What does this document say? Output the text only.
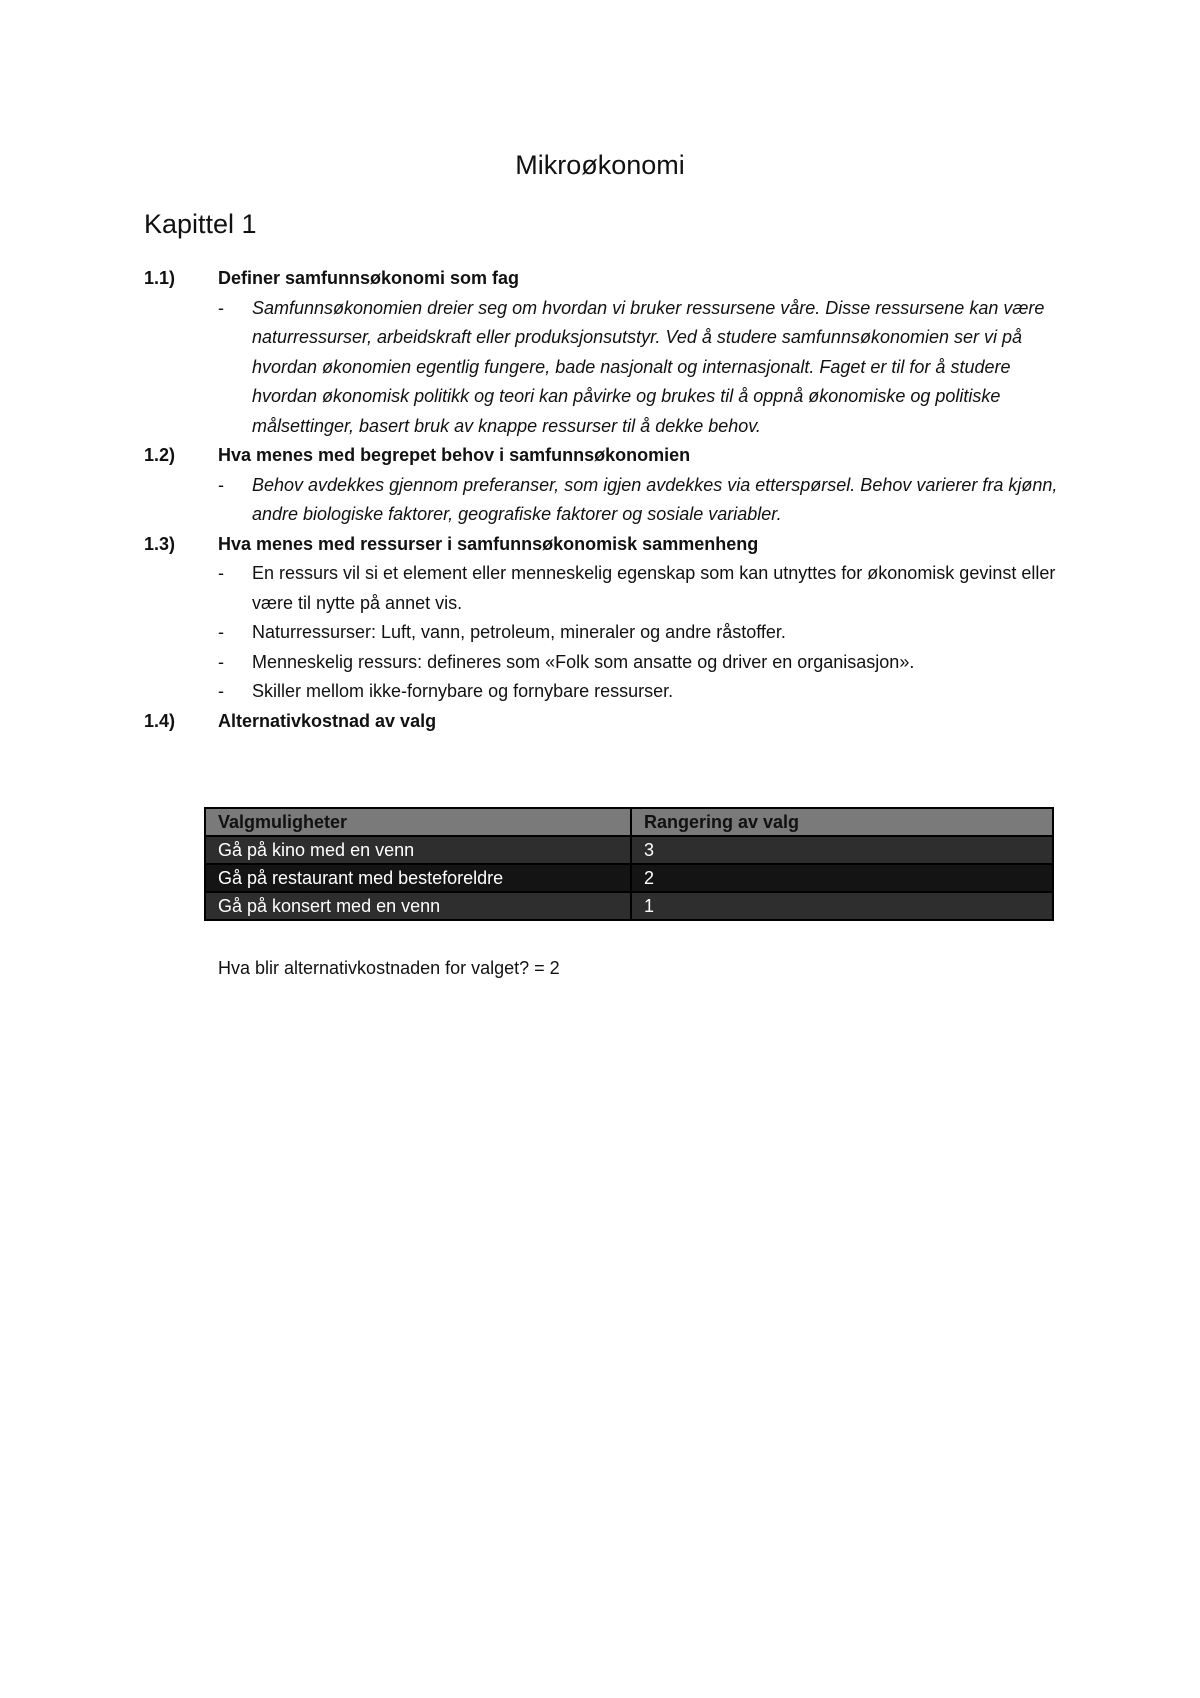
Mikroøkonomi
Kapittel 1
1.1)	Definer samfunnsøkonomi som fag
-	Samfunnsøkonomien dreier seg om hvordan vi bruker ressursene våre. Disse ressursene kan være naturressurser, arbeidskraft eller produksjonsutstyr. Ved å studere samfunnsøkonomien ser vi på hvordan økonomien egentlig fungere, bade nasjonalt og internasjonalt. Faget er til for å studere hvordan økonomisk politikk og teori kan påvirke og brukes til å oppnå økonomiske og politiske målsettinger, basert bruk av knappe ressurser til å dekke behov.
1.2)	Hva menes med begrepet behov i samfunnsøkonomien
-	Behov avdekkes gjennom preferanser, som igjen avdekkes via etterspørsel. Behov varierer fra kjønn, andre biologiske faktorer, geografiske faktorer og sosiale variabler.
1.3)	Hva menes med ressurser i samfunnsøkonomisk sammenheng
-	En ressurs vil si et element eller menneskelig egenskap som kan utnyttes for økonomisk gevinst eller være til nytte på annet vis.
-	Naturressurser: Luft, vann, petroleum, mineraler og andre råstoffer.
-	Menneskelig ressurs: defineres som «Folk som ansatte og driver en organisasjon».
-	Skiller mellom ikke-fornybare og fornybare ressurser.
1.4)	Alternativkostnad av valg
Valgmuligheter	Rangering av valg
Gå på kino med en venn	3
Gå på restaurant med besteforeldre	2
Gå på konsert med en venn	1
Hva blir alternativkostnaden for valget? = 2
